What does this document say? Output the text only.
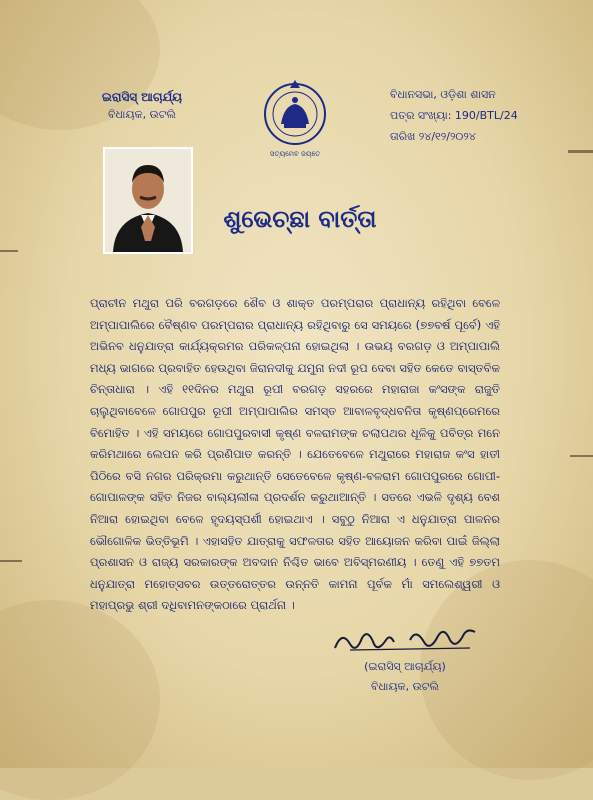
ଇରାସିସ୍ ଆଚାର୍ଯ୍ୟ
ବିଧାୟକ, ଉଟଲି
ସତ୍ୟମେବ ଜୟତେ
ବିଧାନସଭା, ଓଡ଼ିଶା ଶାସନ
ପତ୍ର ସଂଖ୍ୟା: 190/BTL/24
ତାରିଖ ୨୪/୧୨/୨୦୨୪
ଶୁଭେଚ୍ଛା ବାର୍ତ୍ତା
ପ୍ରାଚୀନ ମଥୁରା ପରି ବରଗଡ଼ରେ ଶୈବ ଓ ଶାକ୍ତ ପରମ୍ପରାର ପ୍ରାଧାନ୍ୟ ରହିଥିବା ବେଳେ ଅମ୍ପାପାଲିରେ ବୈଷ୍ଣବ ପରମ୍ପରାର ପ୍ରାଧାନ୍ୟ ରହିଥିବାରୁ ସେ ସମୟରେ (୭୭ବର୍ଷ ପୂର୍ବେ) ଏହି ଅଭିନବ ଧନୁଯାତ୍ରା କାର୍ଯ୍ୟକ୍ରମର ପରିକଳ୍ପନା ହୋଇଥିଲା । ଉଭୟ ବରଗଡ଼ ଓ ଅମ୍ପାପାଲି ମଧ୍ୟ ଭାଗରେ ପ୍ରବାହିତ ହେଉଥିବା ଜିରାନଦୀକୁ ଯମୁନା ନଦୀ ରୂପ ଦେବା ସହିତ କେତେ ବାସ୍ତବିକ ଚିନ୍ତାଧାରା । ଏହି ୧୧ଦିନର ମଥୁରା ରୂପୀ ବରଗଡ଼ ସହରରେ ମହାରାଜା କଂସଙ୍କ ରାଜୁତି ଚାଲୁଥିବାବେଳେ ଗୋପପୁର ରୂପୀ ଅମ୍ପାପାଲିର ସମସ୍ତ ଆବାଳବୃଦ୍ଧବନିତା କୃଷ୍ଣପ୍ରେମରେ ବିମୋହିତ । ଏହି ସମୟରେ ଗୋପପୁରବାସୀ କୃଷ୍ଣ ବଳରାମଙ୍କ ଚଲାପଥର ଧୂଳିକୁ ପବିତ୍ର ମନେ କରିମଥାରେ ଲେପନ କରି ପ୍ରଣିପାତ କରନ୍ତି । ଯେତେବେଳେ ମଥୁରାରେ ମହାରାଜ କଂସ ହାତୀ ପିଠିରେ ବସି ନଗର ପରିକ୍ରମା କରୁଥାନ୍ତି ସେତେବେଳେ କୃଷ୍ଣ-ବଳରାମ ଗୋପପୁରରେ ଗୋପୀ-ଗୋପାଳଙ୍କ ସହିତ ନିଜର ବାଲ୍ୟଲୀଳା ପ୍ରଦର୍ଶନ କରୁଥାଆନ୍ତି । ସତରେ ଏଭଳି ଦୃଶ୍ୟ ବେଶ ନିଆରା ହୋଇଥିବା ବେଳେ ହୃଦୟସ୍ପର୍ଶୀ ହୋଇଥାଏ । ସବୁଠୁ ନିଆରା ଏ ଧନୁଯାତ୍ରା ପାଳନର ଭୌଗୋଳିକ ଭିତ୍ତିଭୂମି । ଏହାସହିତ ଯାତ୍ରାକୁ ସଫଳତାର ସହିତ ଆୟୋଜନ କରିବା ପାଇଁ ଜିଲ୍ଲା ପ୍ରଶାସନ ଓ ରାଜ୍ୟ ସରକାରଙ୍କ ଅବଦାନ ନିଶ୍ଚିତ ଭାବେ ଅବିସ୍ମରଣୀୟ । ତେଣୁ ଏହି ୭୭ତମ ଧନୁଯାତ୍ରା ମହୋତ୍ସବର ଉତ୍ତରୋତ୍ତର ଉନ୍ନତି କାମନା ପୂର୍ବକ ମାଁ ସମଲେଶ୍ୱରୀ ଓ ମହାପ୍ରଭୁ ଶ୍ରୀ ଦଧିବାମନଙ୍କଠାରେ ପ୍ରାର୍ଥନା ।
(ଇରାସିସ୍ ଆଚାର୍ଯ୍ୟ)
ବିଧାୟକ, ଉଟଲି
